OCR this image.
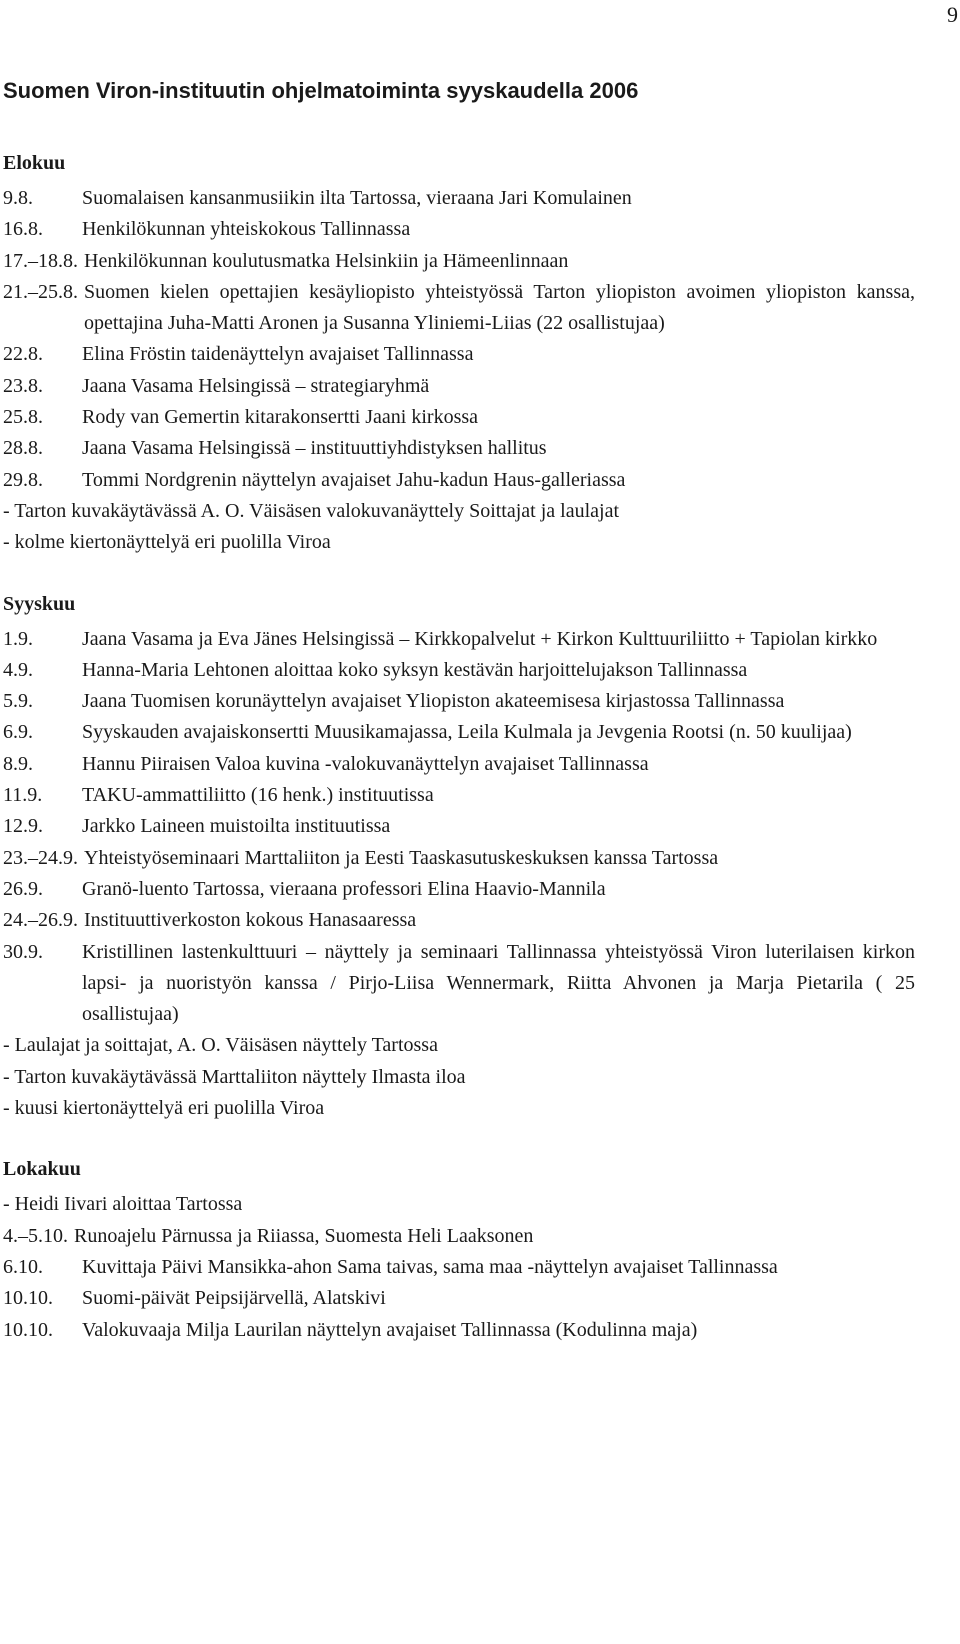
9
Suomen Viron-instituutin ohjelmatoiminta syyskaudella 2006
Elokuu
9.8.	Suomalaisen kansanmusiikin ilta Tartossa, vieraana Jari Komulainen
16.8.	Henkilökunnan yhteiskokous Tallinnassa
17.–18.8. Henkilökunnan koulutusmatka Helsinkiin ja Hämeenlinnaan
21.–25.8. Suomen kielen opettajien kesäyliopisto yhteistyössä Tarton yliopiston avoimen yliopiston kanssa, opettajina Juha-Matti Aronen ja Susanna Yliniemi-Liias (22 osallistujaa)
22.8.	Elina Fröstin taidenäyttelyn avajaiset Tallinnassa
23.8.	Jaana Vasama Helsingissä – strategiaryhmä
25.8.	Rody van Gemertin kitarakonsertti Jaani kirkossa
28.8.	Jaana Vasama Helsingissä – instituuttiyhdistyksen hallitus
29.8.	Tommi Nordgrenin näyttelyn avajaiset Jahu-kadun Haus-galleriassa

- Tarton kuvakäytävässä A. O. Väisäsen valokuvanäyttely Soittajat ja laulajat

- kolme kiertonäyttelyä eri puolilla Viroa

Syyskuu
1.9.	Jaana Vasama ja Eva Jänes Helsingissä – Kirkkopalvelut + Kirkon Kulttuuriliitto + Tapiolan kirkko
4.9.	Hanna-Maria Lehtonen aloittaa koko syksyn kestävän harjoittelujakson Tallinnassa
5.9.	Jaana Tuomisen korunäyttelyn avajaiset Yliopiston akateemisesa kirjastossa Tallinnassa
6.9.	Syyskauden avajaiskonsertti Muusikamajassa, Leila Kulmala ja Jevgenia Rootsi (n. 50 kuulijaa)
8.9.	Hannu Piiraisen Valoa kuvina -valokuvanäyttelyn avajaiset Tallinnassa
11.9.	TAKU-ammattiliitto (16 henk.) instituutissa
12.9.	Jarkko Laineen muistoilta instituutissa
23.–24.9. Yhteistyöseminaari Marttaliiton ja Eesti Taaskasutuskeskuksen kanssa Tartossa
26.9.	Granö-luento Tartossa, vieraana professori Elina Haavio-Mannila
24.–26.9. Instituuttiverkoston kokous Hanasaaressa
30.9.	Kristillinen lastenkulttuuri – näyttely ja seminaari Tallinnassa yhteistyössä Viron luterilaisen kirkon lapsi- ja nuoristyön kanssa / Pirjo-Liisa Wennermark, Riitta Ahvonen ja Marja Pietarila ( 25 osallistujaa)

- Laulajat ja soittajat, A. O. Väisäsen näyttely Tartossa

- Tarton kuvakäytävässä Marttaliiton näyttely Ilmasta iloa

- kuusi kiertonäyttelyä eri puolilla Viroa

Lokakuu

- Heidi Iivari aloittaa Tartossa

4.–5.10. Runoajelu Pärnussa ja Riiassa, Suomesta Heli Laaksonen
6.10.	Kuvittaja Päivi Mansikka-ahon Sama taivas, sama maa -näyttelyn avajaiset Tallinnassa
10.10.	Suomi-päivät Peipsijärvellä, Alatskivi
10.10.	Valokuvaaja Milja Laurilan näyttelyn avajaiset Tallinnassa (Kodulinna maja)
